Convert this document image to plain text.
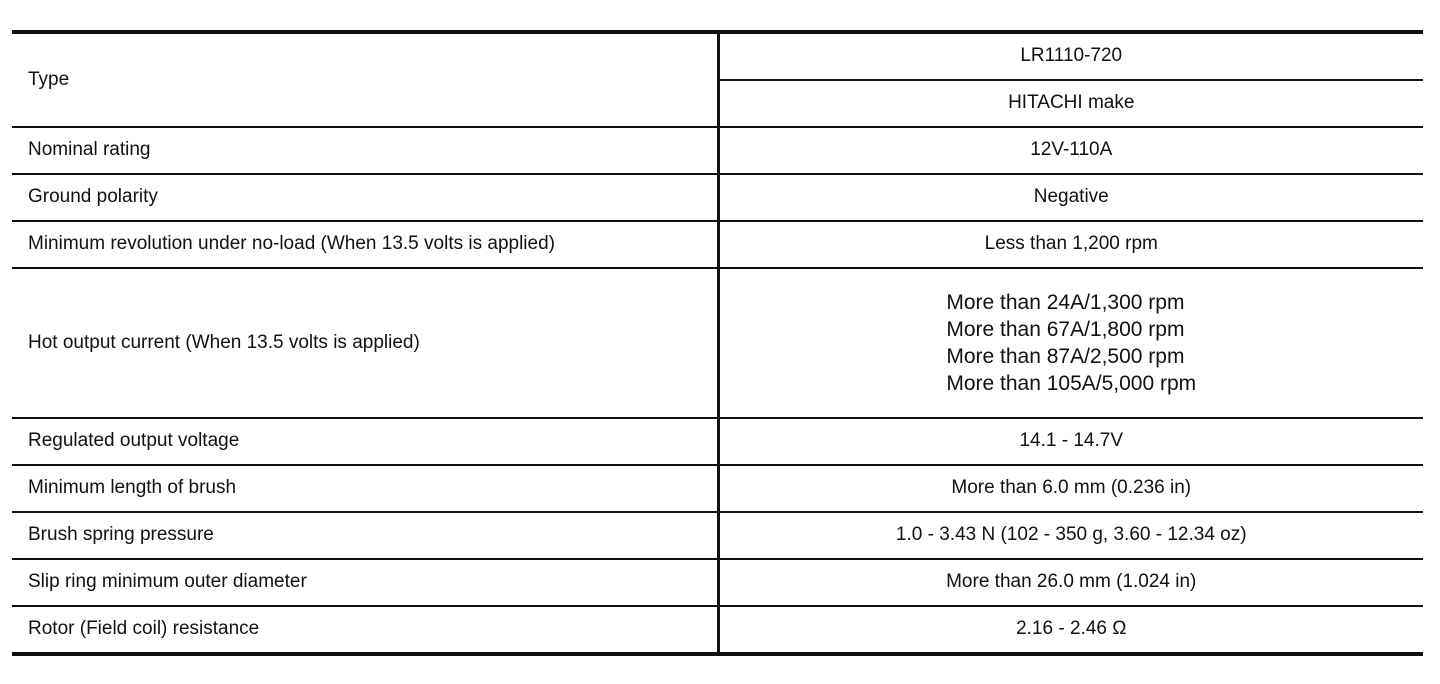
Type	LR1110-720
	HITACHI make
Nominal rating	12V-110A
Ground polarity	Negative
Minimum revolution under no-load (When 13.5 volts is applied)	Less than 1,200 rpm
Hot output current (When 13.5 volts is applied)	More than 24A/1,300 rpm
More than 67A/1,800 rpm
More than 87A/2,500 rpm
More than 105A/5,000 rpm

Regulated output voltage	14.1 - 14.7V
Minimum length of brush	More than 6.0 mm (0.236 in)
Brush spring pressure	1.0 - 3.43 N (102 - 350 g, 3.60 - 12.34 oz)
Slip ring minimum outer diameter	More than 26.0 mm (1.024 in)
Rotor (Field coil) resistance	2.16 - 2.46 Ω
